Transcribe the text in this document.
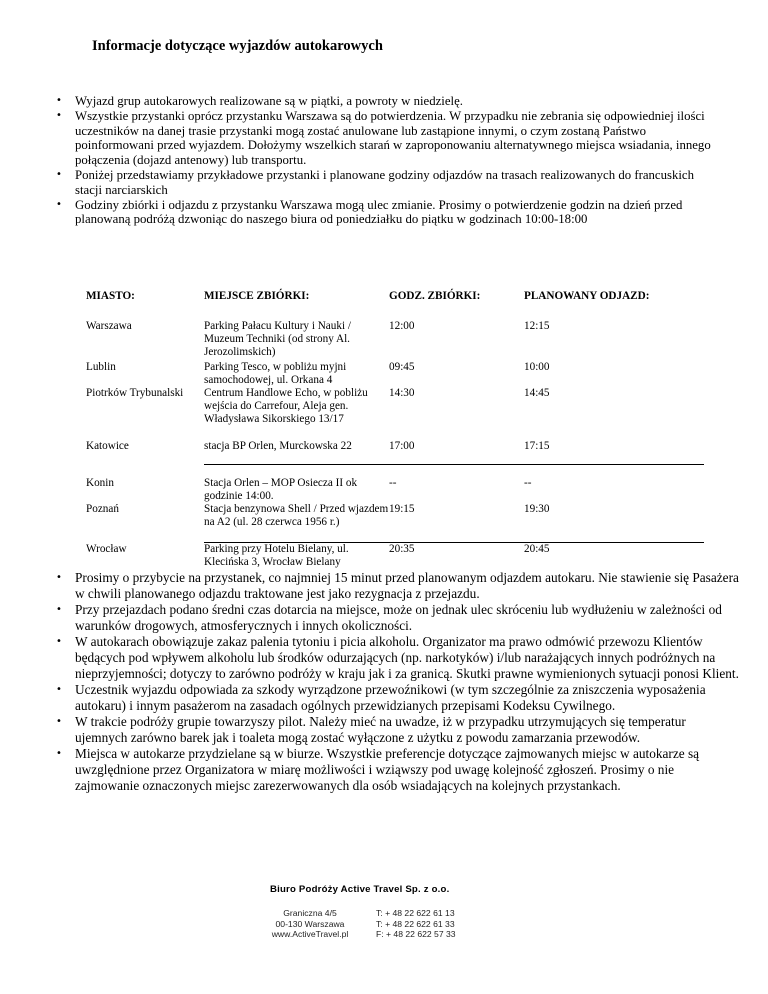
Informacje dotyczące wyjazdów autokarowych
• Wyjazd grup autokarowych realizowane są w piątki, a powroty w niedzielę.
• Wszystkie przystanki oprócz przystanku Warszawa są do potwierdzenia. W przypadku nie zebrania się odpowiedniej ilości uczestników na danej trasie przystanki mogą zostać anulowane lub zastąpione innymi, o czym zostaną Państwo poinformowani przed wyjazdem. Dołożymy wszelkich starań w zaproponowaniu alternatywnego miejsca wsiadania, innego połączenia (dojazd antenowy) lub transportu.
• Poniżej przedstawiamy przykładowe przystanki i planowane godziny odjazdów na trasach realizowanych do francuskich stacji narciarskich
• Godziny zbiórki i odjazdu z przystanku Warszawa mogą ulec zmianie. Prosimy o potwierdzenie godzin na dzień przed planowaną podróżą dzwoniąc do naszego biura od poniedziałku do piątku w godzinach 10:00-18:00
MIASTO:	MIEJSCE ZBIÓRKI:	GODZ. ZBIÓRKI:	PLANOWANY ODJAZD:
Warszawa	Parking Pałacu Kultury i Nauki / Muzeum Techniki (od strony Al. Jerozolimskich)	12:00	12:15
Lublin	Parking Tesco, w pobliżu myjni samochodowej, ul. Orkana 4	09:45	10:00
Piotrków Trybunalski	Centrum Handlowe Echo, w pobliżu wejścia do Carrefour, Aleja gen. Władysława Sikorskiego 13/17	14:30	14:45
Katowice	stacja BP Orlen, Murckowska 22	17:00	17:15
Konin	Stacja Orlen – MOP Osiecza II ok godzinie 14:00.	--	--
Poznań	Stacja benzynowa Shell / Przed wjazdem na A2 (ul. 28 czerwca 1956 r.)	19:15	19:30
Wrocław	Parking przy Hotelu Bielany, ul. Klecińska 3, Wrocław Bielany	20:35	20:45
• Prosimy o przybycie na przystanek, co najmniej 15 minut przed planowanym odjazdem autokaru. Nie stawienie się Pasażera w chwili planowanego odjazdu traktowane jest jako rezygnacja z przejazdu.
• Przy przejazdach podano średni czas dotarcia na miejsce, może on jednak ulec skróceniu lub wydłużeniu w zależności od warunków drogowych, atmosferycznych i innych okoliczności.
• W autokarach obowiązuje zakaz palenia tytoniu i picia alkoholu. Organizator ma prawo odmówić przewozu Klientów będących pod wpływem alkoholu lub środków odurzających (np. narkotyków) i/lub narażających innych podróżnych na nieprzyjemności; dotyczy to zarówno podróży w kraju jak i za granicą. Skutki prawne wymienionych sytuacji ponosi Klient.
• Uczestnik wyjazdu odpowiada za szkody wyrządzone przewoźnikowi (w tym szczególnie za zniszczenia wyposażenia autokaru) i innym pasażerom na zasadach ogólnych przewidzianych przepisami Kodeksu Cywilnego.
• W trakcie podróży grupie towarzyszy pilot. Należy mieć na uwadze, iż w przypadku utrzymujących się temperatur ujemnych zarówno barek jak i toaleta mogą zostać wyłączone z użytku z powodu zamarzania przewodów.
• Miejsca w autokarze przydzielane są w biurze. Wszystkie preferencje dotyczące zajmowanych miejsc w autokarze są uwzględnione przez Organizatora w miarę możliwości i wziąwszy pod uwagę kolejność zgłoszeń. Prosimy o nie zajmowanie oznaczonych miejsc zarezerwowanych dla osób wsiadających na kolejnych przystankach.
Biuro Podróży Active Travel Sp. z o.o.
Graniczna 4/5
00-130 Warszawa
www.ActiveTravel.pl
T: + 48 22 622 61 13
T: + 48 22 622 61 33
F: + 48 22 622 57 33
